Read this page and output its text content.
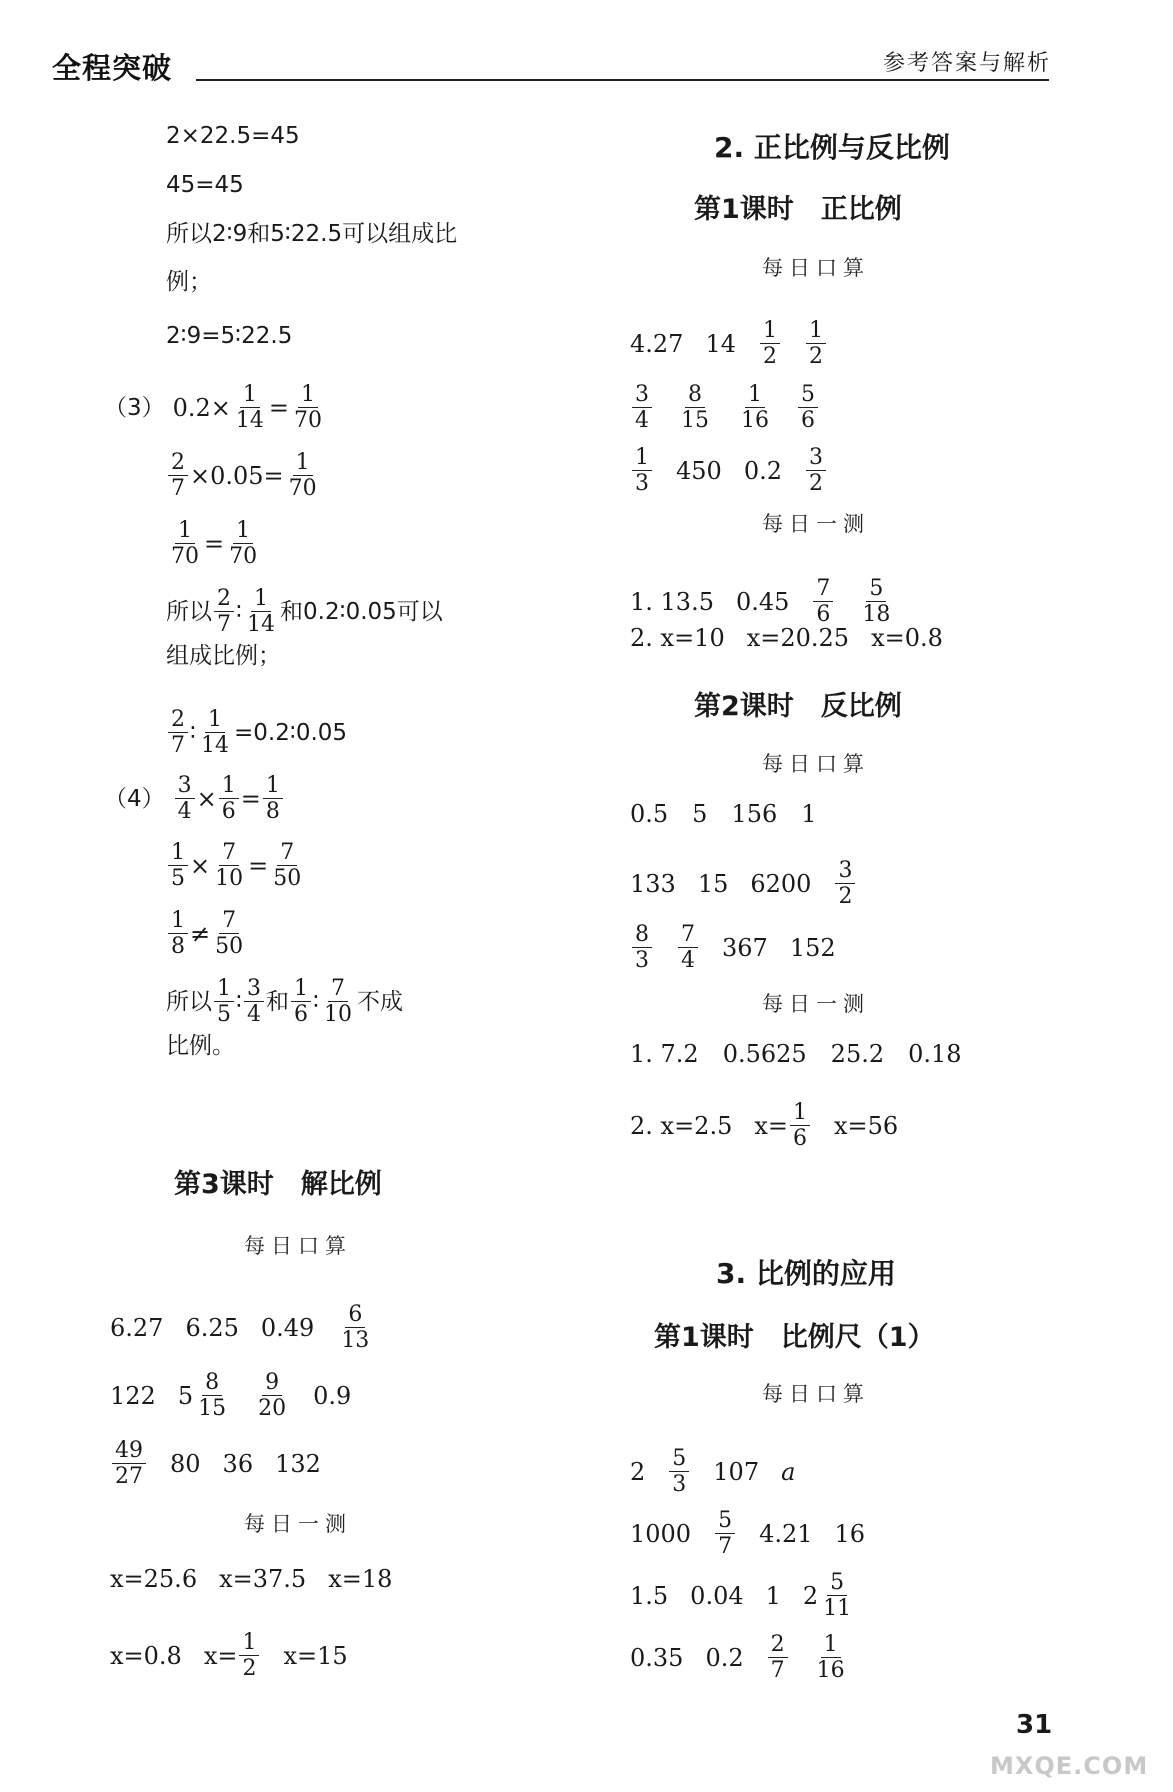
全程突破	参考答案与解析
2×22.5=45
45=45
所以2∶9和5∶22.5可以组成比
例；
2∶9=5∶22.5
（3） $0.2\times \frac{1}{14} = \frac{1}{70}$
$\frac{2}{7} \times 0.05= \frac{1}{70}$
$\frac{1}{70} = \frac{1}{70}$
所以 $\frac{2}{7}$ ∶ $\frac{1}{14}$ 和0.2∶0.05可以
组成比例；
$\frac{2}{7}$ ∶ $\frac{1}{14}$ =0.2∶0.05
$(4) \frac{3}{4} \times \frac{1}{6} = \frac{1}{8}$
$\frac{1}{5} \times \frac{7}{10} = \frac{7}{50}$
$\frac{1}{8} \ne \frac{7}{50}$
所以 $\frac{1}{5}$ ∶ $\frac{3}{4}$ 和 $\frac{1}{6}$ ∶ $\frac{7}{10}$ 不成
比例。
第3课时　解比例
每日口算
6.27 6.25 $0.49 \frac{6}{13}$
122 $5 \frac{8}{15} \frac{9}{20} 0.9$
$\frac{49}{27} 80$ 36 132
每日一测
x=25.6 x=37.5 x=18
x=0.8 $x= \frac{1}{2} x=15$
2. 正比例与反比例
第1课时　正比例
每日口算
4.27 $14 \frac{1}{2} \frac{1}{2}$
$\frac{3}{4} \frac{8}{15} \frac{1}{16} \frac{5}{6}$
$\frac{1}{3} 450$ $0.2 \frac{3}{2}$
每日一测
1. 13.5 $0.45 \frac{7}{6} \frac{5}{18}$
2. x=10 x=20.25 x=0.8
第2课时　反比例
每日口算
0.5　5　156　1
133 15 $6200 \frac{3}{2}$
$\frac{8}{3} \frac{7}{4} 367$ 152
每日一测
1. 7.2　0.5625　25.2　0.18
2. x=2.5 $x= \frac{1}{6} x=56$
3. 比例的应用
第1课时　比例尺（1）
每日口算
$2 \frac{5}{3} 107$ a
$1000 \frac{5}{7} 4.21$ 16
1.5 0.04 1 $2 \frac{5}{11}$
0.35 $0.2 \frac{2}{7} \frac{1}{16}$
31
MXQE.COM
